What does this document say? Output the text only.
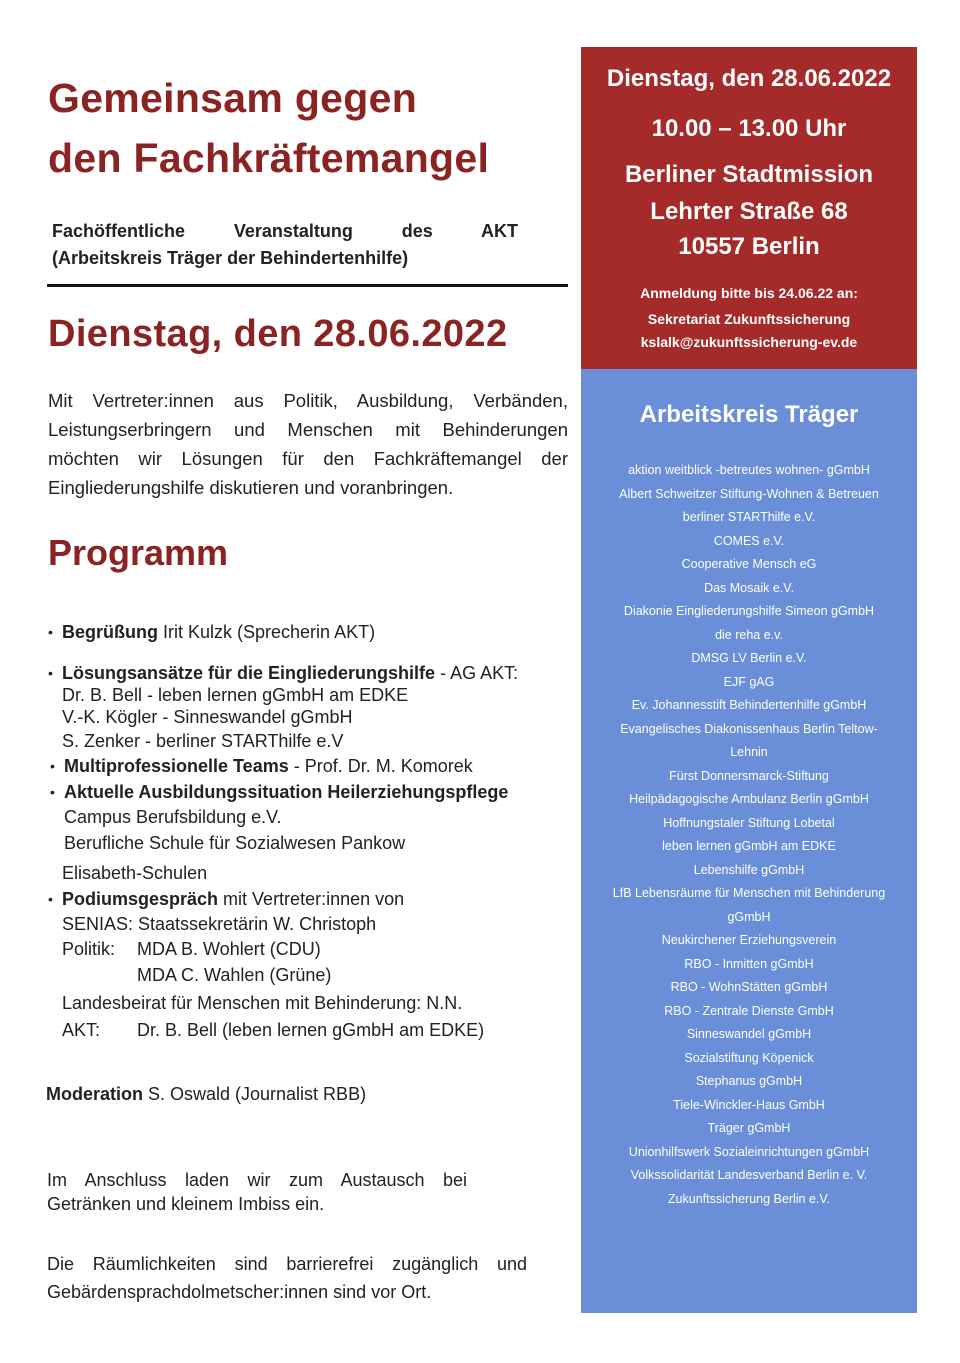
Gemeinsam gegen
den Fachkräftemangel
Fachöffentliche Veranstaltung des AKT
(Arbeitskreis Träger der Behindertenhilfe)
Dienstag, den 28.06.2022
Mit Vertreter:innen aus Politik, Ausbildung, Verbänden,
Leistungserbringern und Menschen mit Behinderungen
möchten wir Lösungen für den Fachkräftemangel der
Eingliederungshilfe diskutieren und voranbringen.
Programm
• Begrüßung Irit Kulzk (Sprecherin AKT)
• Lösungsansätze für die Eingliederungshilfe - AG AKT:
Dr. B. Bell - leben lernen gGmbH am EDKE
V.-K. Kögler - Sinneswandel gGmbH
S. Zenker - berliner STARThilfe e.V
• Multiprofessionelle Teams - Prof. Dr. M. Komorek
• Aktuelle Ausbildungssituation Heilerziehungspflege
Campus Berufsbildung e.V.
Berufliche Schule für Sozialwesen Pankow
Elisabeth-Schulen
• Podiumsgespräch mit Vertreter:innen von
SENIAS: Staatssekretärin W. Christoph
Politik: MDA B. Wohlert (CDU)
MDA C. Wahlen (Grüne)
Landesbeirat für Menschen mit Behinderung: N.N.
AKT: Dr. B. Bell (leben lernen gGmbH am EDKE)
Moderation S. Oswald (Journalist RBB)
Im Anschluss laden wir zum Austausch bei
Getränken und kleinem Imbiss ein.
Die Räumlichkeiten sind barrierefrei zugänglich und
Gebärdensprachdolmetscher:innen sind vor Ort.
Dienstag, den 28.06.2022
10.00 – 13.00 Uhr
Berliner Stadtmission
Lehrter Straße 68
10557 Berlin
Anmeldung bitte bis 24.06.22 an:
Sekretariat Zukunftssicherung
kslalk@zukunftssicherung-ev.de
Arbeitskreis Träger
aktion weitblick -betreutes wohnen- gGmbH
Albert Schweitzer Stiftung-Wohnen & Betreuen
berliner STARThilfe e.V.
COMES e.V.
Cooperative Mensch eG
Das Mosaik e.V.
Diakonie Eingliederungshilfe Simeon gGmbH
die reha e.v.
DMSG LV Berlin e.V.
EJF gAG
Ev. Johannesstift Behindertenhilfe gGmbH
Evangelisches Diakonissenhaus Berlin Teltow-
Lehnin
Fürst Donnersmarck-Stiftung
Heilpädagogische Ambulanz Berlin gGmbH
Hoffnungstaler Stiftung Lobetal
leben lernen gGmbH am EDKE
Lebenshilfe gGmbH
LfB Lebensräume für Menschen mit Behinderung
gGmbH
Neukirchener Erziehungsverein
RBO - Inmitten gGmbH
RBO - WohnStätten gGmbH
RBO - Zentrale Dienste GmbH
Sinneswandel gGmbH
Sozialstiftung Köpenick
Stephanus gGmbH
Tiele-Winckler-Haus GmbH
Träger gGmbH
Unionhilfswerk Sozialeinrichtungen gGmbH
Volkssolidarität Landesverband Berlin e. V.
Zukunftssicherung Berlin e.V.
